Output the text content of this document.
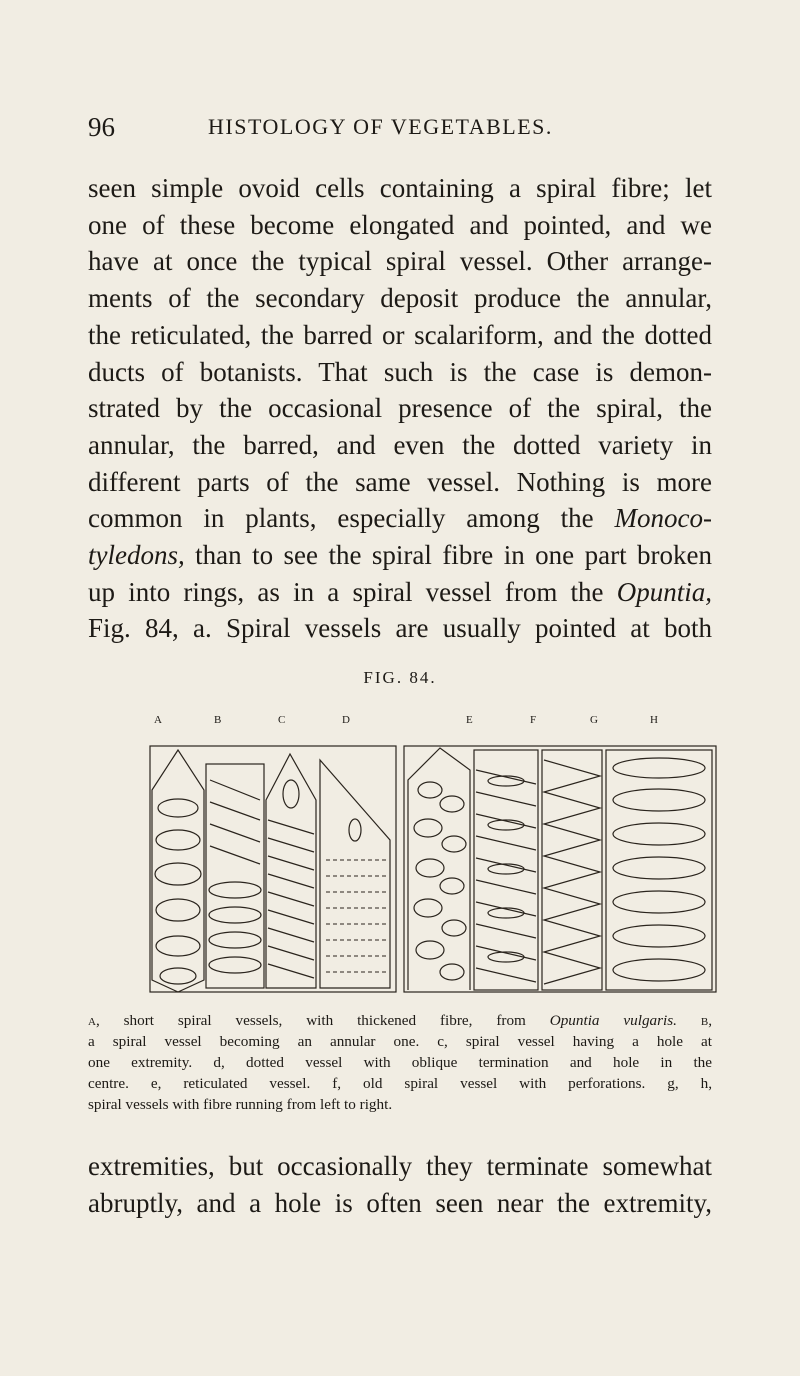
96	HISTOLOGY OF VEGETABLES.

seen simple ovoid cells containing a spiral fibre; let
one of these become elongated and pointed, and we
have at once the typical spiral vessel. Other arrange-
ments of the secondary deposit produce the annular,
the reticulated, the barred or scalariform, and the dotted
ducts of botanists. That such is the case is demon-
strated by the occasional presence of the spiral, the
annular, the barred, and even the dotted variety in
different parts of the same vessel. Nothing is more
common in plants, especially among the Monoco-
tyledons, than to see the spiral fibre in one part broken
up into rings, as in a spiral vessel from the Opuntia,
Fig. 84, a. Spiral vessels are usually pointed at both

FIG. 84.
A	B	C	D	E	F	G	H

a, short spiral vessels, with thickened fibre, from Opuntia vulgaris. b,
a spiral vessel becoming an annular one. c, spiral vessel having a hole at
one extremity. d, dotted vessel with oblique termination and hole in the
centre. e, reticulated vessel. f, old spiral vessel with perforations. g, h,
spiral vessels with fibre running from left to right.

extremities, but occasionally they terminate somewhat
abruptly, and a hole is often seen near the extremity,
